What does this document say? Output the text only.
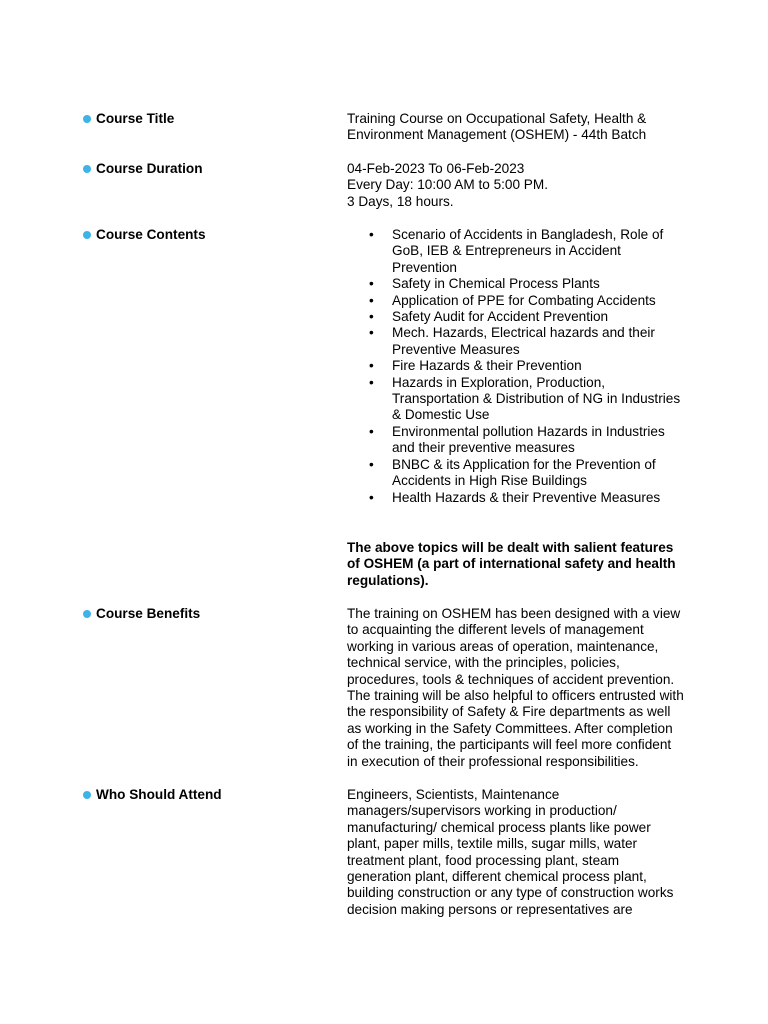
Course Title	Training Course on Occupational Safety, Health &
Environment Management (OSHEM) - 44th Batch
Course Duration	04-Feb-2023 To 06-Feb-2023
Every Day: 10:00 AM to 5:00 PM.
3 Days, 18 hours.
Course Contents	• Scenario of Accidents in Bangladesh, Role of
GoB, IEB & Entrepreneurs in Accident
Prevention
• Safety in Chemical Process Plants
• Application of PPE for Combating Accidents
• Safety Audit for Accident Prevention
• Mech. Hazards, Electrical hazards and their
Preventive Measures
• Fire Hazards & their Prevention
• Hazards in Exploration, Production,
Transportation & Distribution of NG in Industries
& Domestic Use
• Environmental pollution Hazards in Industries
and their preventive measures
• BNBC & its Application for the Prevention of
Accidents in High Rise Buildings
• Health Hazards & their Preventive Measures
The above topics will be dealt with salient features
of OSHEM (a part of international safety and health
regulations).
Course Benefits	The training on OSHEM has been designed with a view
to acquainting the different levels of management
working in various areas of operation, maintenance,
technical service, with the principles, policies,
procedures, tools & techniques of accident prevention.
The training will be also helpful to officers entrusted with
the responsibility of Safety & Fire departments as well
as working in the Safety Committees. After completion
of the training, the participants will feel more confident
in execution of their professional responsibilities.
Who Should Attend	Engineers, Scientists, Maintenance
managers/supervisors working in production/
manufacturing/ chemical process plants like power
plant, paper mills, textile mills, sugar mills, water
treatment plant, food processing plant, steam
generation plant, different chemical process plant,
building construction or any type of construction works
decision making persons or representatives are
